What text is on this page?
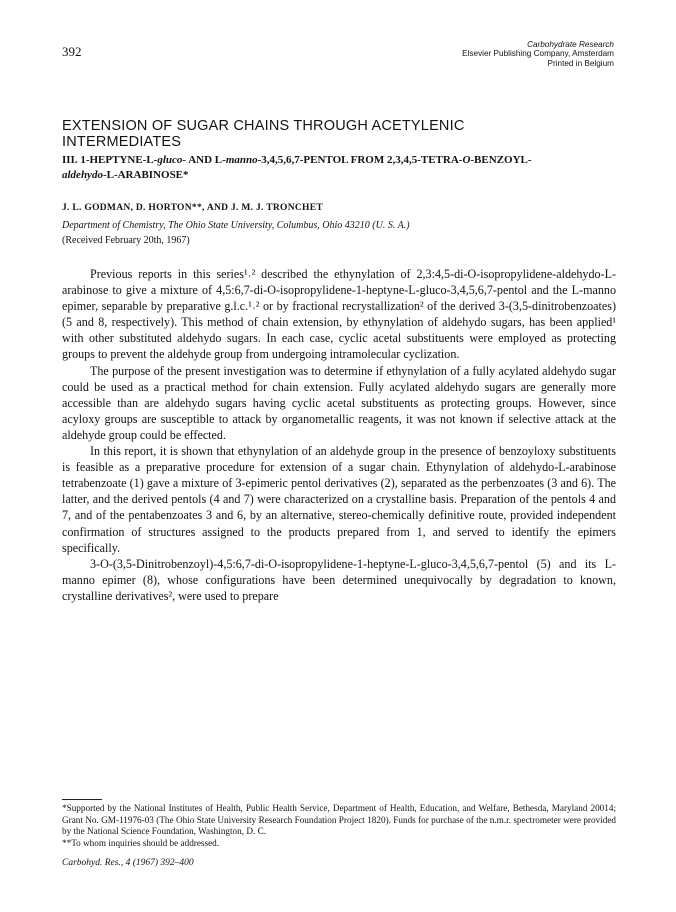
392	Carbohydrate Research
Elsevier Publishing Company, Amsterdam
Printed in Belgium
EXTENSION OF SUGAR CHAINS THROUGH ACETYLENIC
INTERMEDIATES
III. 1-HEPTYNE-L-gluco- AND L-manno-3,4,5,6,7-PENTOL FROM 2,3,4,5-TETRA-O-BENZOYL-
aldehydo-L-ARABINOSE*
J. L. GODMAN, D. HORTON**, AND J. M. J. TRONCHET
Department of Chemistry, The Ohio State University, Columbus, Ohio 43210 (U. S. A.)
(Received February 20th, 1967)

Previous reports in this series¹˒² described the ethynylation of 2,3:4,5-di-O-isopropylidene-aldehydo-L-arabinose to give a mixture of 4,5:6,7-di-O-isopropylidene-1-heptyne-L-gluco-3,4,5,6,7-pentol and the L-manno epimer, separable by preparative g.l.c.¹˒² or by fractional recrystallization² of the derived 3-(3,5-dinitrobenzoates) (5 and 8, respectively). This method of chain extension, by ethynylation of aldehydo sugars, has been applied¹ with other substituted aldehydo sugars. In each case, cyclic acetal substituents were employed as protecting groups to prevent the aldehyde group from undergoing intramolecular cyclization.

The purpose of the present investigation was to determine if ethynylation of a fully acylated aldehydo sugar could be used as a practical method for chain extension. Fully acylated aldehydo sugars are generally more accessible than are aldehydo sugars having cyclic acetal substituents as protecting groups. However, since acyloxy groups are susceptible to attack by organometallic reagents, it was not known if selective attack at the aldehyde group could be effected.

In this report, it is shown that ethynylation of an aldehyde group in the presence of benzoyloxy substituents is feasible as a preparative procedure for extension of a sugar chain. Ethynylation of aldehydo-L-arabinose tetrabenzoate (1) gave a mixture of 3-epimeric pentol derivatives (2), separated as the perbenzoates (3 and 6). The latter, and the derived pentols (4 and 7) were characterized on a crystalline basis. Preparation of the pentols 4 and 7, and of the pentabenzoates 3 and 6, by an alternative, stereo-chemically definitive route, provided independent confirmation of structures assigned to the products prepared from 1, and served to identify the epimers specifically.

3-O-(3,5-Dinitrobenzoyl)-4,5:6,7-di-O-isopropylidene-1-heptyne-L-gluco-3,4,5,6,7-pentol (5) and its L-manno epimer (8), whose configurations have been determined unequivocally by degradation to known, crystalline derivatives², were used to prepare

*Supported by the National Institutes of Health, Public Health Service, Department of Health, Education, and Welfare, Bethesda, Maryland 20014; Grant No. GM-11976-03 (The Ohio State University Research Foundation Project 1820). Funds for purchase of the n.m.r. spectrometer were provided by the National Science Foundation, Washington, D. C.

**To whom inquiries should be addressed.

Carbohyd. Res., 4 (1967) 392–400
